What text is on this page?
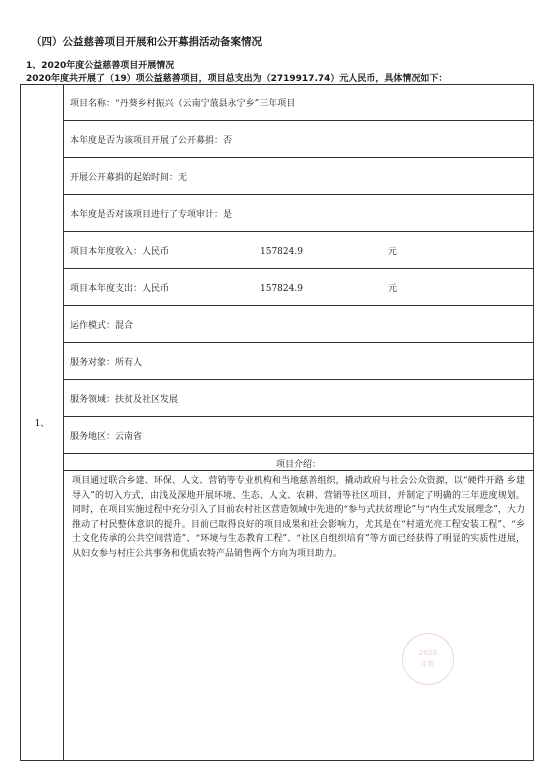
（四）公益慈善项目开展和公开募捐活动备案情况
1、2020年度公益慈善项目开展情况
2020年度共开展了（19）项公益慈善项目，项目总支出为（2719917.74）元人民币，具体情况如下：
1、	项目名称：“丹葵乡村振兴（云南宁蒗县永宁乡”三年项目
本年度是否为该项目开展了公开募捐：否
开展公开募捐的起始时间：无
本年度是否对该项目进行了专项审计：是
项目本年度收入：人民币	157824.9	元
项目本年度支出：人民币	157824.9	元
运作模式：混合
服务对象：所有人
服务领域：扶贫及社区发展
服务地区：云南省
项目介绍：
项目通过联合乡建、环保、人文、营销等专业机构和当地慈善组织，撬动政府与社会公众资源，以“硬件开路 乡建导入”的切入方式，由浅及深地开展环境、生态、人文、农耕、营销等社区项目，并制定了明确的三年进度规划。同时，在项目实施过程中充分引入了目前农村社区营造领域中先进的“参与式扶贫理论”与“内生式发展理念”，大力推动了村民整体意识的提升。目前已取得良好的项目成果和社会影响力，尤其是在“村道光亮工程安装工程”、“乡土文化传承的公共空间营造”、“环境与生态教育工程”、“社区自组织培育”等方面已经获得了明显的实质性进展，从妇女参与村庄公共事务和优质农特产品销售两个方向为项目助力。
2020
年报
